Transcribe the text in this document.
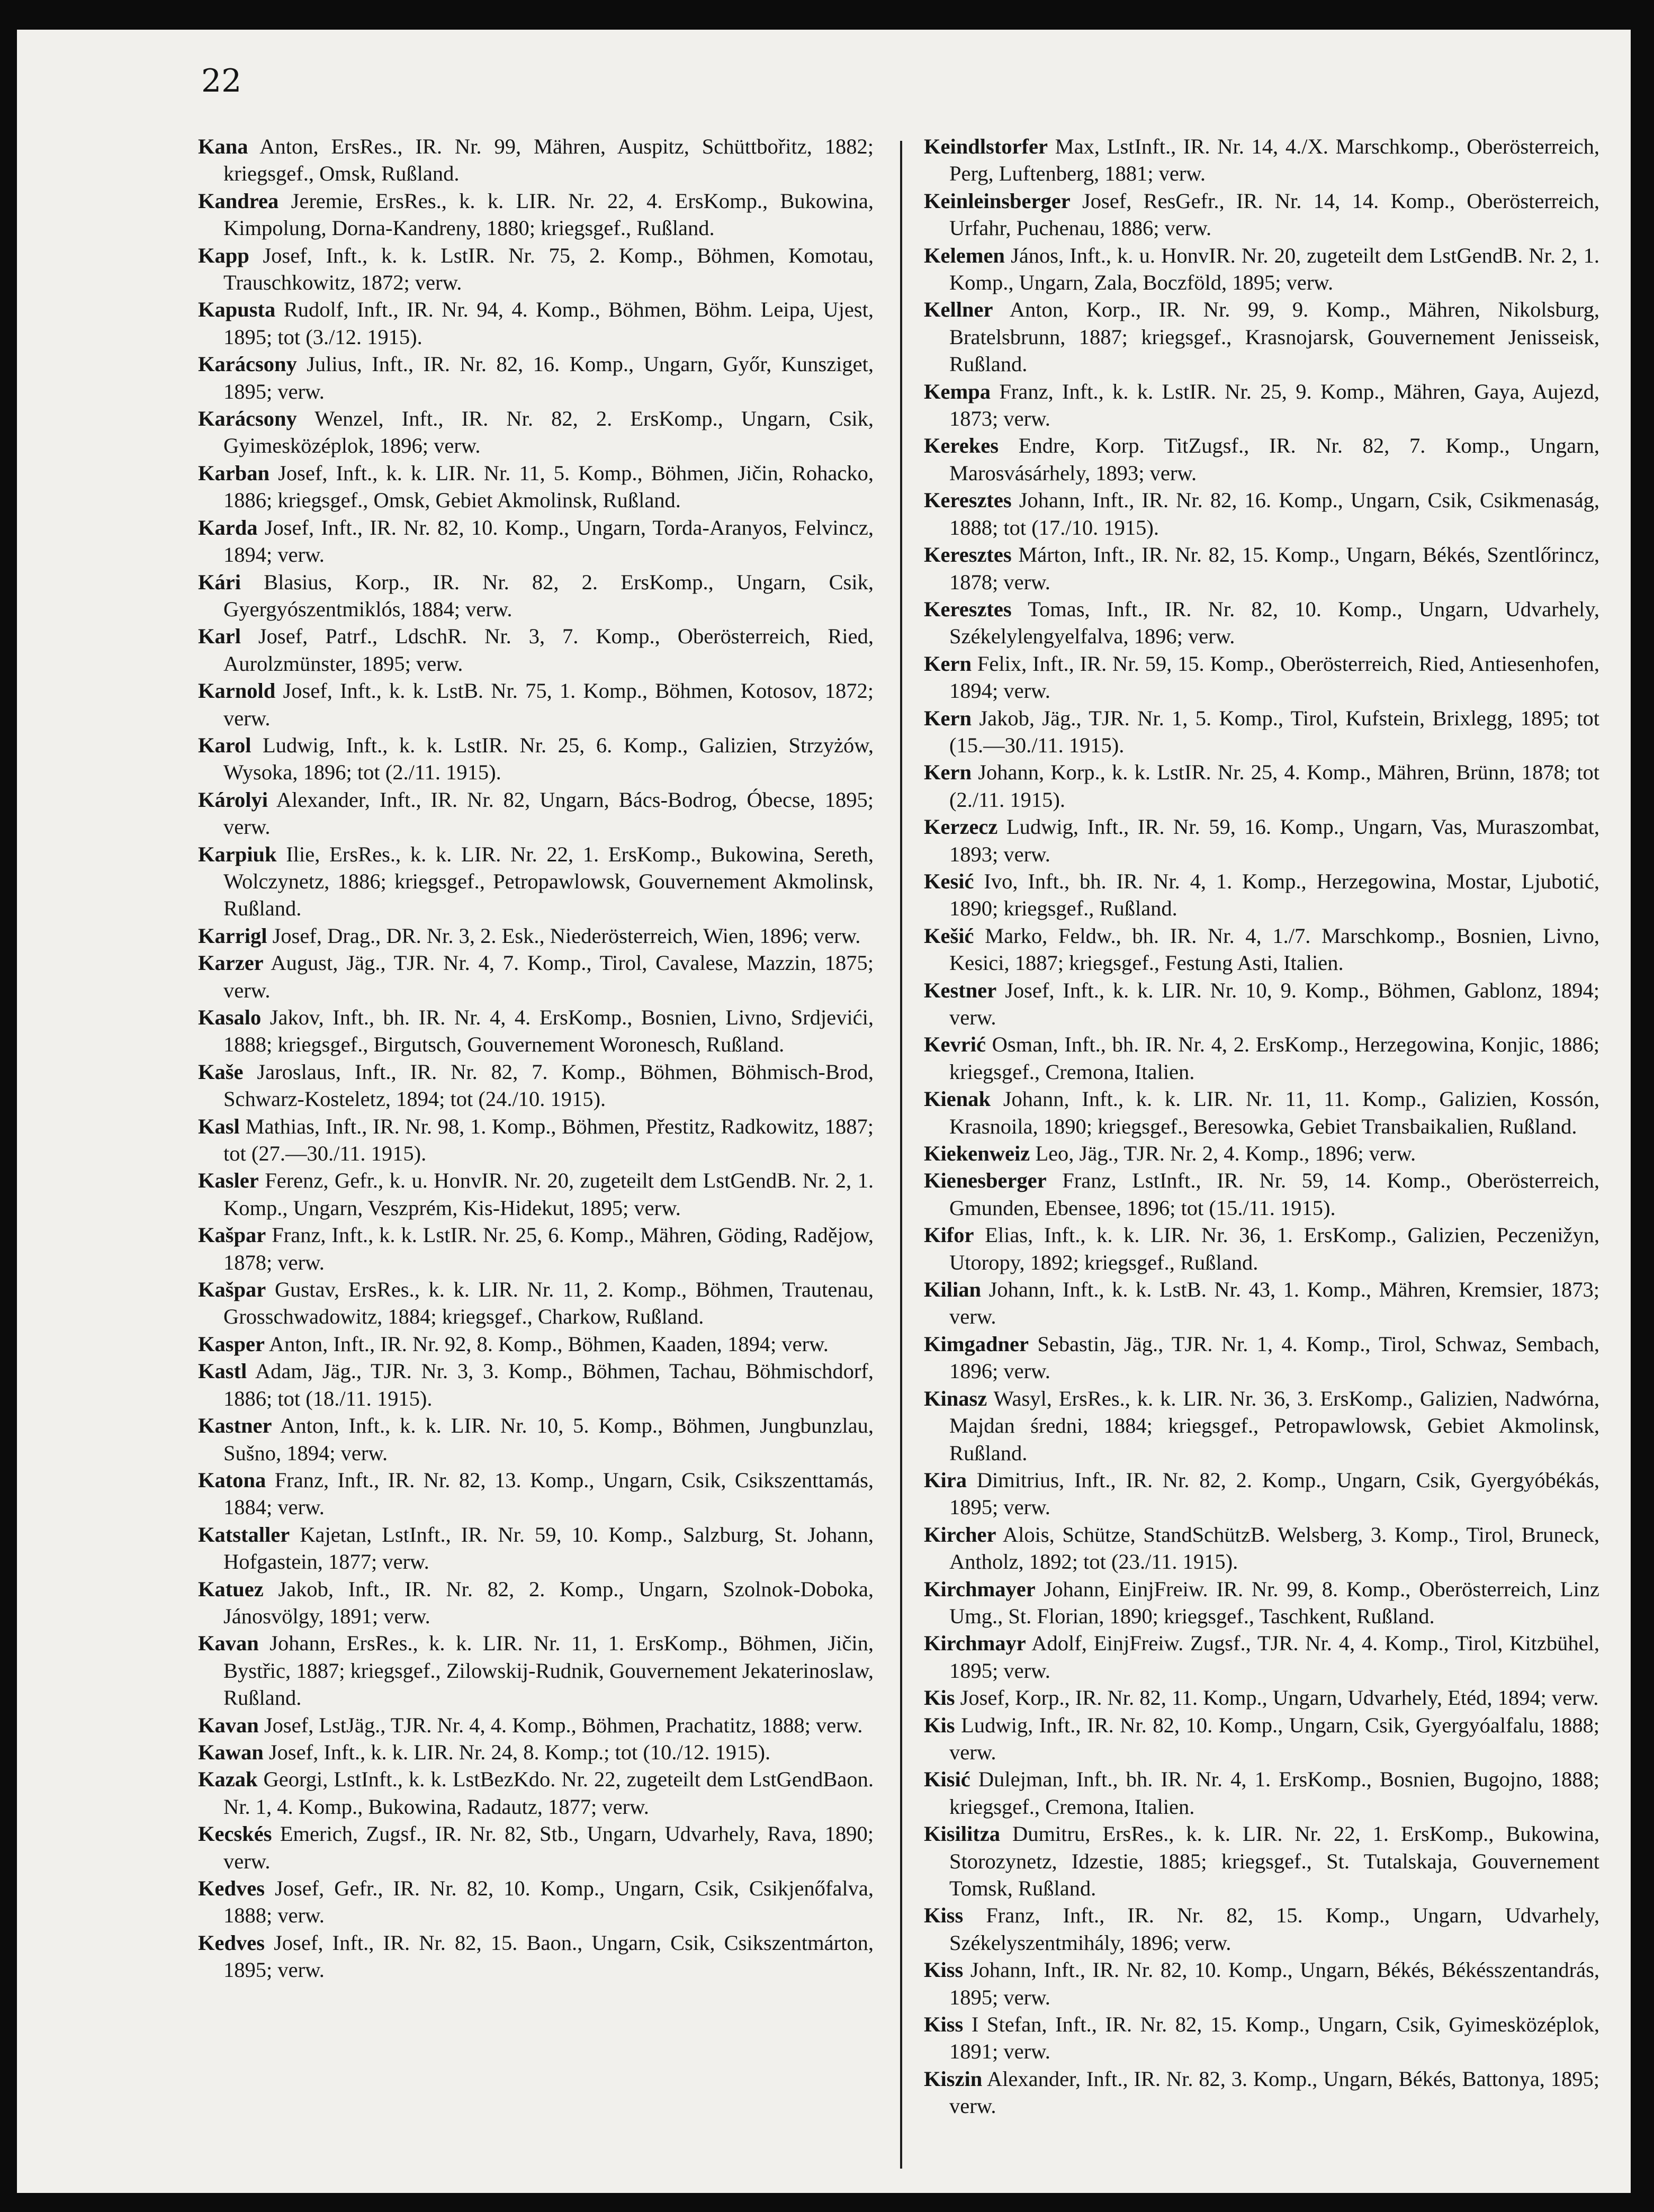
22

Kana Anton, ErsRes., IR. Nr. 99, Mähren, Auspitz, Schüttbořitz, 1882; kriegsgef., Omsk, Rußland.

Kandrea Jeremie, ErsRes., k. k. LIR. Nr. 22, 4. ErsKomp., Bukowina, Kimpolung, Dorna-Kandreny, 1880; kriegsgef., Rußland.

Kapp Josef, Inft., k. k. LstIR. Nr. 75, 2. Komp., Böhmen, Komotau, Trauschkowitz, 1872; verw.

Kapusta Rudolf, Inft., IR. Nr. 94, 4. Komp., Böhmen, Böhm. Leipa, Ujest, 1895; tot (3./12. 1915).

Karácsony Julius, Inft., IR. Nr. 82, 16. Komp., Ungarn, Győr, Kunsziget, 1895; verw.

Karácsony Wenzel, Inft., IR. Nr. 82, 2. ErsKomp., Ungarn, Csik, Gyimesközéplok, 1896; verw.

Karban Josef, Inft., k. k. LIR. Nr. 11, 5. Komp., Böhmen, Jičin, Rohacko, 1886; kriegsgef., Omsk, Gebiet Akmolinsk, Rußland.

Karda Josef, Inft., IR. Nr. 82, 10. Komp., Ungarn, Torda-Aranyos, Felvincz, 1894; verw.

Kári Blasius, Korp., IR. Nr. 82, 2. ErsKomp., Ungarn, Csik, Gyergyószentmiklós, 1884; verw.

Karl Josef, Patrf., LdschR. Nr. 3, 7. Komp., Oberösterreich, Ried, Aurolzmünster, 1895; verw.

Karnold Josef, Inft., k. k. LstB. Nr. 75, 1. Komp., Böhmen, Kotosov, 1872; verw.

Karol Ludwig, Inft., k. k. LstIR. Nr. 25, 6. Komp., Galizien, Strzyżów, Wysoka, 1896; tot (2./11. 1915).

Károlyi Alexander, Inft., IR. Nr. 82, Ungarn, Bács-Bodrog, Óbecse, 1895; verw.

Karpiuk Ilie, ErsRes., k. k. LIR. Nr. 22, 1. ErsKomp., Bukowina, Sereth, Wolczynetz, 1886; kriegsgef., Petropawlowsk, Gouvernement Akmolinsk, Rußland.

Karrigl Josef, Drag., DR. Nr. 3, 2. Esk., Niederösterreich, Wien, 1896; verw.

Karzer August, Jäg., TJR. Nr. 4, 7. Komp., Tirol, Cavalese, Mazzin, 1875; verw.

Kasalo Jakov, Inft., bh. IR. Nr. 4, 4. ErsKomp., Bosnien, Livno, Srdjevići, 1888; kriegsgef., Birgutsch, Gouvernement Woronesch, Rußland.

Kaše Jaroslaus, Inft., IR. Nr. 82, 7. Komp., Böhmen, Böhmisch-Brod, Schwarz-Kosteletz, 1894; tot (24./10. 1915).

Kasl Mathias, Inft., IR. Nr. 98, 1. Komp., Böhmen, Přestitz, Radkowitz, 1887; tot (27.—30./11. 1915).

Kasler Ferenz, Gefr., k. u. HonvIR. Nr. 20, zugeteilt dem LstGendB. Nr. 2, 1. Komp., Ungarn, Veszprém, Kis-Hidekut, 1895; verw.

Kašpar Franz, Inft., k. k. LstIR. Nr. 25, 6. Komp., Mähren, Göding, Radějow, 1878; verw.

Kašpar Gustav, ErsRes., k. k. LIR. Nr. 11, 2. Komp., Böhmen, Trautenau, Grosschwadowitz, 1884; kriegsgef., Charkow, Rußland.

Kasper Anton, Inft., IR. Nr. 92, 8. Komp., Böhmen, Kaaden, 1894; verw.

Kastl Adam, Jäg., TJR. Nr. 3, 3. Komp., Böhmen, Tachau, Böhmischdorf, 1886; tot (18./11. 1915).

Kastner Anton, Inft., k. k. LIR. Nr. 10, 5. Komp., Böhmen, Jungbunzlau, Sušno, 1894; verw.

Katona Franz, Inft., IR. Nr. 82, 13. Komp., Ungarn, Csik, Csikszenttamás, 1884; verw.

Katstaller Kajetan, LstInft., IR. Nr. 59, 10. Komp., Salzburg, St. Johann, Hofgastein, 1877; verw.

Katuez Jakob, Inft., IR. Nr. 82, 2. Komp., Ungarn, Szolnok-Doboka, Jánosvölgy, 1891; verw.

Kavan Johann, ErsRes., k. k. LIR. Nr. 11, 1. ErsKomp., Böhmen, Jičin, Bystřic, 1887; kriegsgef., Zilowskij-Rudnik, Gouvernement Jekaterinoslaw, Rußland.

Kavan Josef, LstJäg., TJR. Nr. 4, 4. Komp., Böhmen, Prachatitz, 1888; verw.

Kawan Josef, Inft., k. k. LIR. Nr. 24, 8. Komp.; tot (10./12. 1915).

Kazak Georgi, LstInft., k. k. LstBezKdo. Nr. 22, zugeteilt dem LstGendBaon. Nr. 1, 4. Komp., Bukowina, Radautz, 1877; verw.

Kecskés Emerich, Zugsf., IR. Nr. 82, Stb., Ungarn, Udvarhely, Rava, 1890; verw.

Kedves Josef, Gefr., IR. Nr. 82, 10. Komp., Ungarn, Csik, Csikjenőfalva, 1888; verw.

Kedves Josef, Inft., IR. Nr. 82, 15. Baon., Ungarn, Csik, Csikszentmárton, 1895; verw.

Keindlstorfer Max, LstInft., IR. Nr. 14, 4./X. Marschkomp., Oberösterreich, Perg, Luftenberg, 1881; verw.

Keinleinsberger Josef, ResGefr., IR. Nr. 14, 14. Komp., Oberösterreich, Urfahr, Puchenau, 1886; verw.

Kelemen János, Inft., k. u. HonvIR. Nr. 20, zugeteilt dem LstGendB. Nr. 2, 1. Komp., Ungarn, Zala, Boczföld, 1895; verw.

Kellner Anton, Korp., IR. Nr. 99, 9. Komp., Mähren, Nikolsburg, Bratelsbrunn, 1887; kriegsgef., Krasnojarsk, Gouvernement Jenisseisk, Rußland.

Kempa Franz, Inft., k. k. LstIR. Nr. 25, 9. Komp., Mähren, Gaya, Aujezd, 1873; verw.

Kerekes Endre, Korp. TitZugsf., IR. Nr. 82, 7. Komp., Ungarn, Marosvásárhely, 1893; verw.

Keresztes Johann, Inft., IR. Nr. 82, 16. Komp., Ungarn, Csik, Csikmenaság, 1888; tot (17./10. 1915).

Keresztes Márton, Inft., IR. Nr. 82, 15. Komp., Ungarn, Békés, Szentlőrincz, 1878; verw.

Keresztes Tomas, Inft., IR. Nr. 82, 10. Komp., Ungarn, Udvarhely, Székelylengyelfalva, 1896; verw.

Kern Felix, Inft., IR. Nr. 59, 15. Komp., Oberösterreich, Ried, Antiesenhofen, 1894; verw.

Kern Jakob, Jäg., TJR. Nr. 1, 5. Komp., Tirol, Kufstein, Brixlegg, 1895; tot (15.—30./11. 1915).

Kern Johann, Korp., k. k. LstIR. Nr. 25, 4. Komp., Mähren, Brünn, 1878; tot (2./11. 1915).

Kerzecz Ludwig, Inft., IR. Nr. 59, 16. Komp., Ungarn, Vas, Muraszombat, 1893; verw.

Kesić Ivo, Inft., bh. IR. Nr. 4, 1. Komp., Herzegowina, Mostar, Ljubotić, 1890; kriegsgef., Rußland.

Kešić Marko, Feldw., bh. IR. Nr. 4, 1./7. Marschkomp., Bosnien, Livno, Kesici, 1887; kriegsgef., Festung Asti, Italien.

Kestner Josef, Inft., k. k. LIR. Nr. 10, 9. Komp., Böhmen, Gablonz, 1894; verw.

Kevrić Osman, Inft., bh. IR. Nr. 4, 2. ErsKomp., Herzegowina, Konjic, 1886; kriegsgef., Cremona, Italien.

Kienak Johann, Inft., k. k. LIR. Nr. 11, 11. Komp., Galizien, Kossón, Krasnoila, 1890; kriegsgef., Beresowka, Gebiet Transbaikalien, Rußland.

Kiekenweiz Leo, Jäg., TJR. Nr. 2, 4. Komp., 1896; verw.

Kienesberger Franz, LstInft., IR. Nr. 59, 14. Komp., Oberösterreich, Gmunden, Ebensee, 1896; tot (15./11. 1915).

Kifor Elias, Inft., k. k. LIR. Nr. 36, 1. ErsKomp., Galizien, Peczenižyn, Utoropy, 1892; kriegsgef., Rußland.

Kilian Johann, Inft., k. k. LstB. Nr. 43, 1. Komp., Mähren, Kremsier, 1873; verw.

Kimgadner Sebastin, Jäg., TJR. Nr. 1, 4. Komp., Tirol, Schwaz, Sembach, 1896; verw.

Kinasz Wasyl, ErsRes., k. k. LIR. Nr. 36, 3. ErsKomp., Galizien, Nadwórna, Majdan średni, 1884; kriegsgef., Petropawlowsk, Gebiet Akmolinsk, Rußland.

Kira Dimitrius, Inft., IR. Nr. 82, 2. Komp., Ungarn, Csik, Gyergyóbékás, 1895; verw.

Kircher Alois, Schütze, StandSchützB. Welsberg, 3. Komp., Tirol, Bruneck, Antholz, 1892; tot (23./11. 1915).

Kirchmayer Johann, EinjFreiw. IR. Nr. 99, 8. Komp., Oberösterreich, Linz Umg., St. Florian, 1890; kriegsgef., Taschkent, Rußland.

Kirchmayr Adolf, EinjFreiw. Zugsf., TJR. Nr. 4, 4. Komp., Tirol, Kitzbühel, 1895; verw.

Kis Josef, Korp., IR. Nr. 82, 11. Komp., Ungarn, Udvarhely, Etéd, 1894; verw.

Kis Ludwig, Inft., IR. Nr. 82, 10. Komp., Ungarn, Csik, Gyergyóalfalu, 1888; verw.

Kisić Dulejman, Inft., bh. IR. Nr. 4, 1. ErsKomp., Bosnien, Bugojno, 1888; kriegsgef., Cremona, Italien.

Kisilitza Dumitru, ErsRes., k. k. LIR. Nr. 22, 1. ErsKomp., Bukowina, Storozynetz, Idzestie, 1885; kriegsgef., St. Tutalskaja, Gouvernement Tomsk, Rußland.

Kiss Franz, Inft., IR. Nr. 82, 15. Komp., Ungarn, Udvarhely, Székelyszentmihály, 1896; verw.

Kiss Johann, Inft., IR. Nr. 82, 10. Komp., Ungarn, Békés, Békésszentandrás, 1895; verw.

Kiss I Stefan, Inft., IR. Nr. 82, 15. Komp., Ungarn, Csik, Gyimesközéplok, 1891; verw.

Kiszin Alexander, Inft., IR. Nr. 82, 3. Komp., Ungarn, Békés, Battonya, 1895; verw.
